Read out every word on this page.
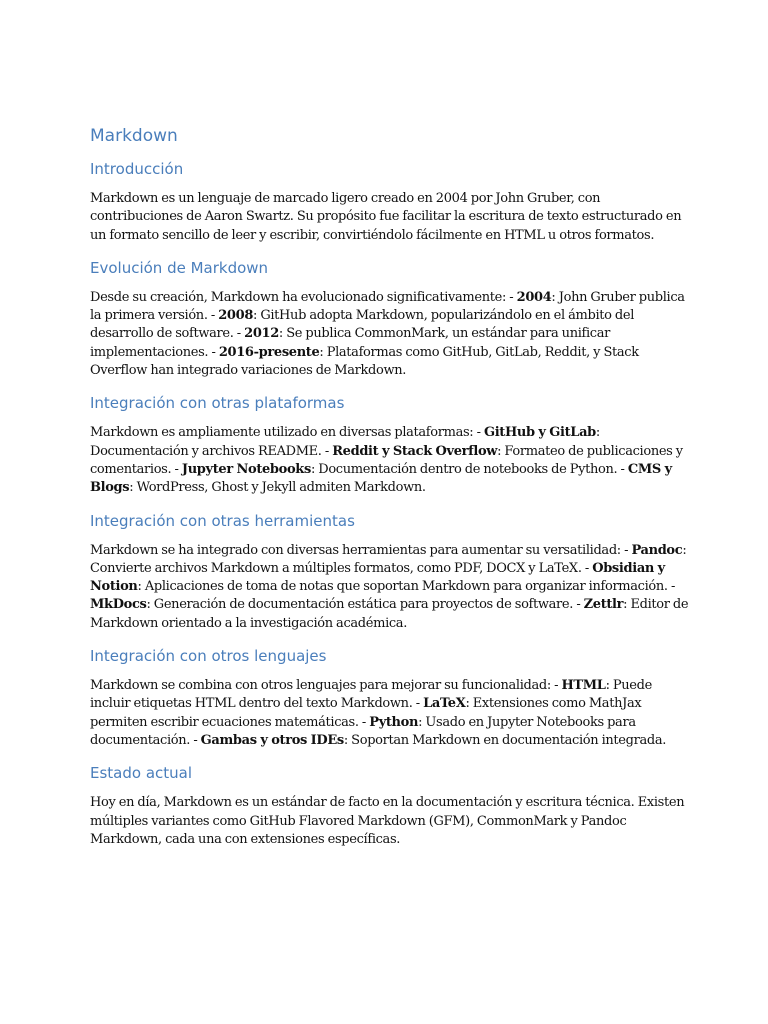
Markdown
Introducción

Markdown es un lenguaje de marcado ligero creado en 2004 por John Gruber, con contribuciones de Aaron Swartz. Su propósito fue facilitar la escritura de texto estructurado en un formato sencillo de leer y escribir, convirtiéndolo fácilmente en HTML u otros formatos.

Evolución de Markdown

Desde su creación, Markdown ha evolucionado significativamente: - 2004: John Gruber publica la primera versión. - 2008: GitHub adopta Markdown, popularizándolo en el ámbito del desarrollo de software. - 2012: Se publica CommonMark, un estándar para unificar implementaciones. - 2016-presente: Plataformas como GitHub, GitLab, Reddit, y Stack Overflow han integrado variaciones de Markdown.

Integración con otras plataformas

Markdown es ampliamente utilizado en diversas plataformas: - GitHub y GitLab: Documentación y archivos README. - Reddit y Stack Overflow: Formateo de publicaciones y comentarios. - Jupyter Notebooks: Documentación dentro de notebooks de Python. - CMS y Blogs: WordPress, Ghost y Jekyll admiten Markdown.

Integración con otras herramientas

Markdown se ha integrado con diversas herramientas para aumentar su versatilidad: - Pandoc: Convierte archivos Markdown a múltiples formatos, como PDF, DOCX y LaTeX. - Obsidian y Notion: Aplicaciones de toma de notas que soportan Markdown para organizar información. - MkDocs: Generación de documentación estática para proyectos de software. - Zettlr: Editor de Markdown orientado a la investigación académica.

Integración con otros lenguajes

Markdown se combina con otros lenguajes para mejorar su funcionalidad: - HTML: Puede incluir etiquetas HTML dentro del texto Markdown. - LaTeX: Extensiones como MathJax permiten escribir ecuaciones matemáticas. - Python: Usado en Jupyter Notebooks para documentación. - Gambas y otros IDEs: Soportan Markdown en documentación integrada.

Estado actual

Hoy en día, Markdown es un estándar de facto en la documentación y escritura técnica. Existen múltiples variantes como GitHub Flavored Markdown (GFM), CommonMark y Pandoc Markdown, cada una con extensiones específicas.
